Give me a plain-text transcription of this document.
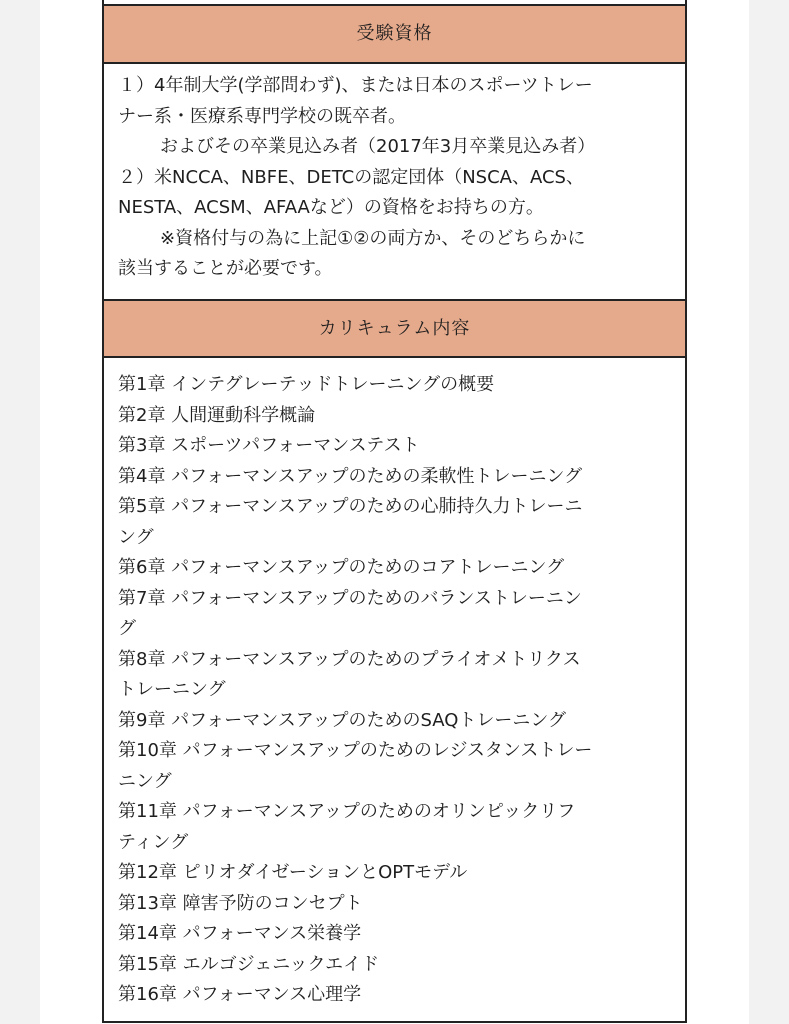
受験資格
１）4年制大学(学部問わず)、または日本のスポーツトレー
ナー系・医療系専門学校の既卒者。
およびその卒業見込み者（2017年3月卒業見込み者）
２）米NCCA、NBFE、DETCの認定団体（NSCA、ACS、
NESTA、ACSM、AFAAなど）の資格をお持ちの方。
※資格付与の為に上記①②の両方か、そのどちらかに
該当することが必要です。
カリキュラム内容
第1章 インテグレーテッドトレーニングの概要
第2章 人間運動科学概論
第3章 スポーツパフォーマンステスト
第4章 パフォーマンスアップのための柔軟性トレーニング
第5章 パフォーマンスアップのための心肺持久力トレーニ
ング
第6章 パフォーマンスアップのためのコアトレーニング
第7章 パフォーマンスアップのためのバランストレーニン
グ
第8章 パフォーマンスアップのためのプライオメトリクス
トレーニング
第9章 パフォーマンスアップのためのSAQトレーニング
第10章 パフォーマンスアップのためのレジスタンストレー
ニング
第11章 パフォーマンスアップのためのオリンピックリフ
ティング
第12章 ピリオダイゼーションとOPTモデル
第13章 障害予防のコンセプト
第14章 パフォーマンス栄養学
第15章 エルゴジェニックエイド
第16章 パフォーマンス心理学
